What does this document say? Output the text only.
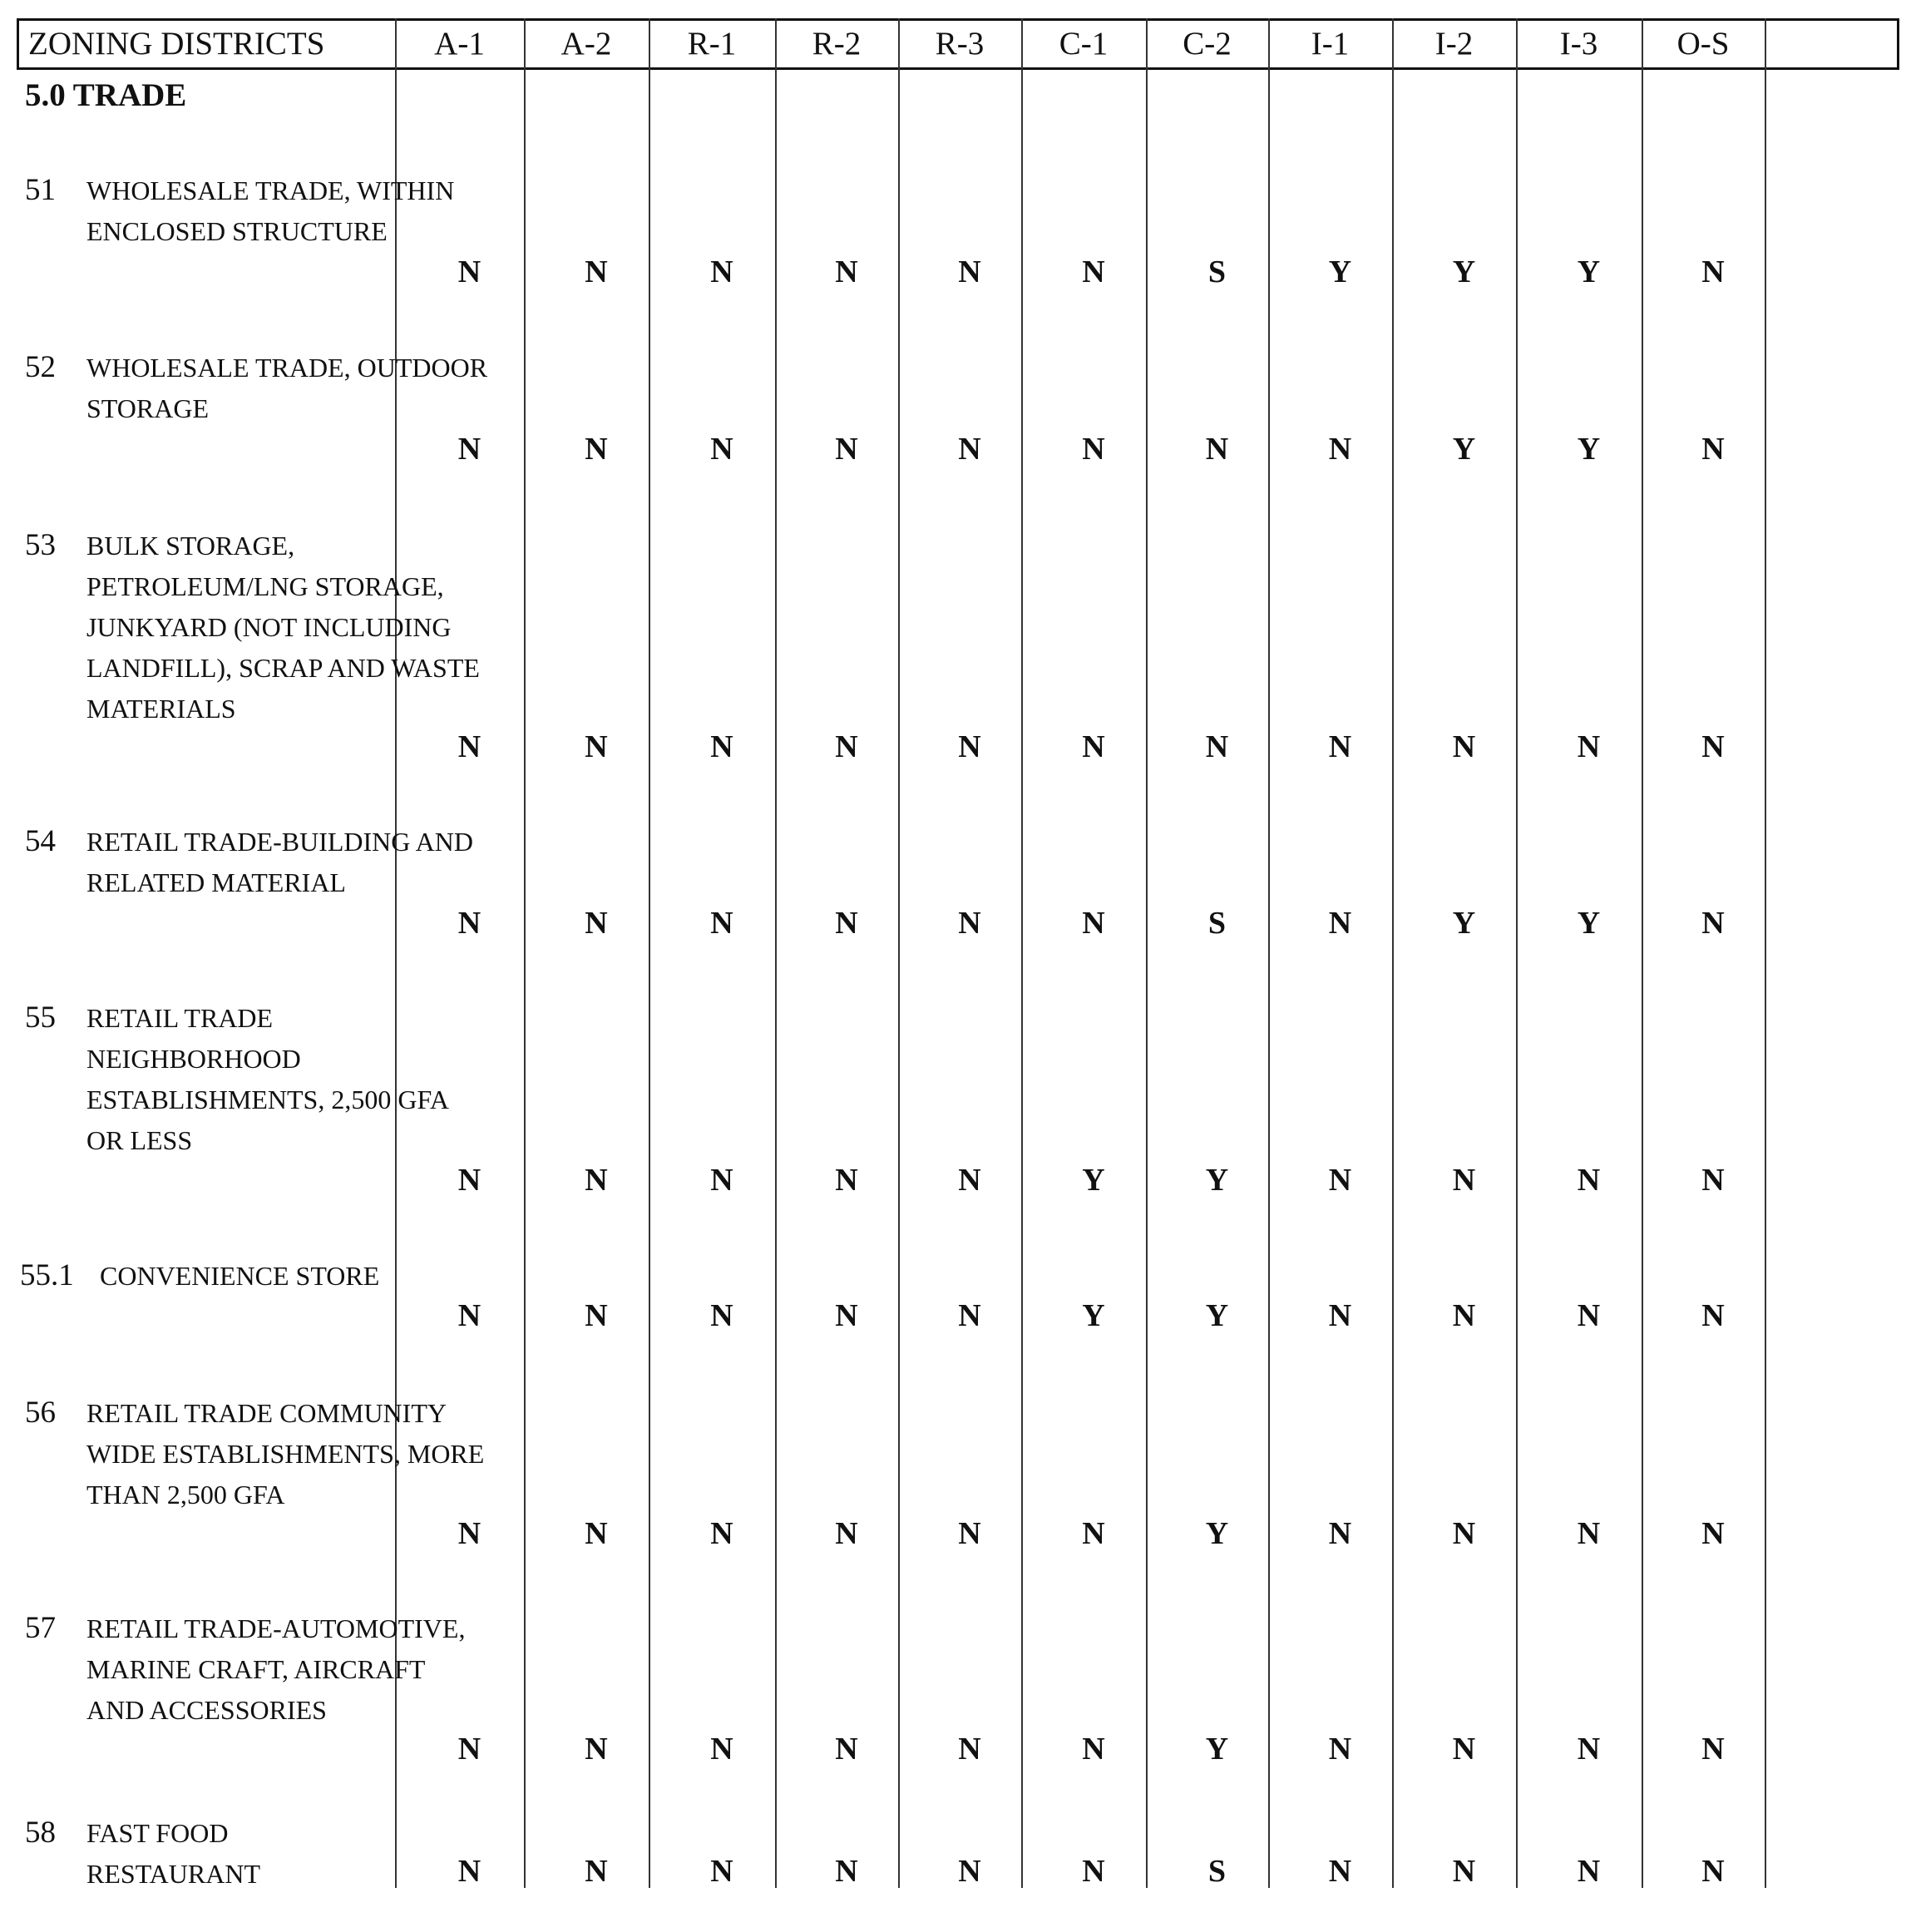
ZONING DISTRICTS	A-1	A-2	R-1	R-2	R-3	C-1	C-2	I-1	I-2	I-3	O-S
5.0 TRADE
51 WHOLESALE TRADE, WITHIN
ENCLOSED STRUCTURE
N	N	N	N	N	N	S	Y	Y	Y	N
52 WHOLESALE TRADE, OUTDOOR
STORAGE
N	N	N	N	N	N	N	N	Y	Y	N
53 BULK STORAGE,
PETROLEUM/LNG STORAGE,
JUNKYARD (NOT INCLUDING
LANDFILL), SCRAP AND WASTE
MATERIALS
N	N	N	N	N	N	N	N	N	N	N
54 RETAIL TRADE-BUILDING AND
RELATED MATERIAL
N	N	N	N	N	N	S	N	Y	Y	N
55 RETAIL TRADE
NEIGHBORHOOD
ESTABLISHMENTS, 2,500 GFA
OR LESS
N	N	N	N	N	Y	Y	N	N	N	N
55.1 CONVENIENCE STORE
N	N	N	N	N	Y	Y	N	N	N	N
56 RETAIL TRADE COMMUNITY
WIDE ESTABLISHMENTS, MORE
THAN 2,500 GFA
N	N	N	N	N	N	Y	N	N	N	N
57 RETAIL TRADE-AUTOMOTIVE,
MARINE CRAFT, AIRCRAFT
AND ACCESSORIES
N	N	N	N	N	N	Y	N	N	N	N
58 FAST FOOD
RESTAURANT	N	N	N	N	N	N	S	N	N	N	N
